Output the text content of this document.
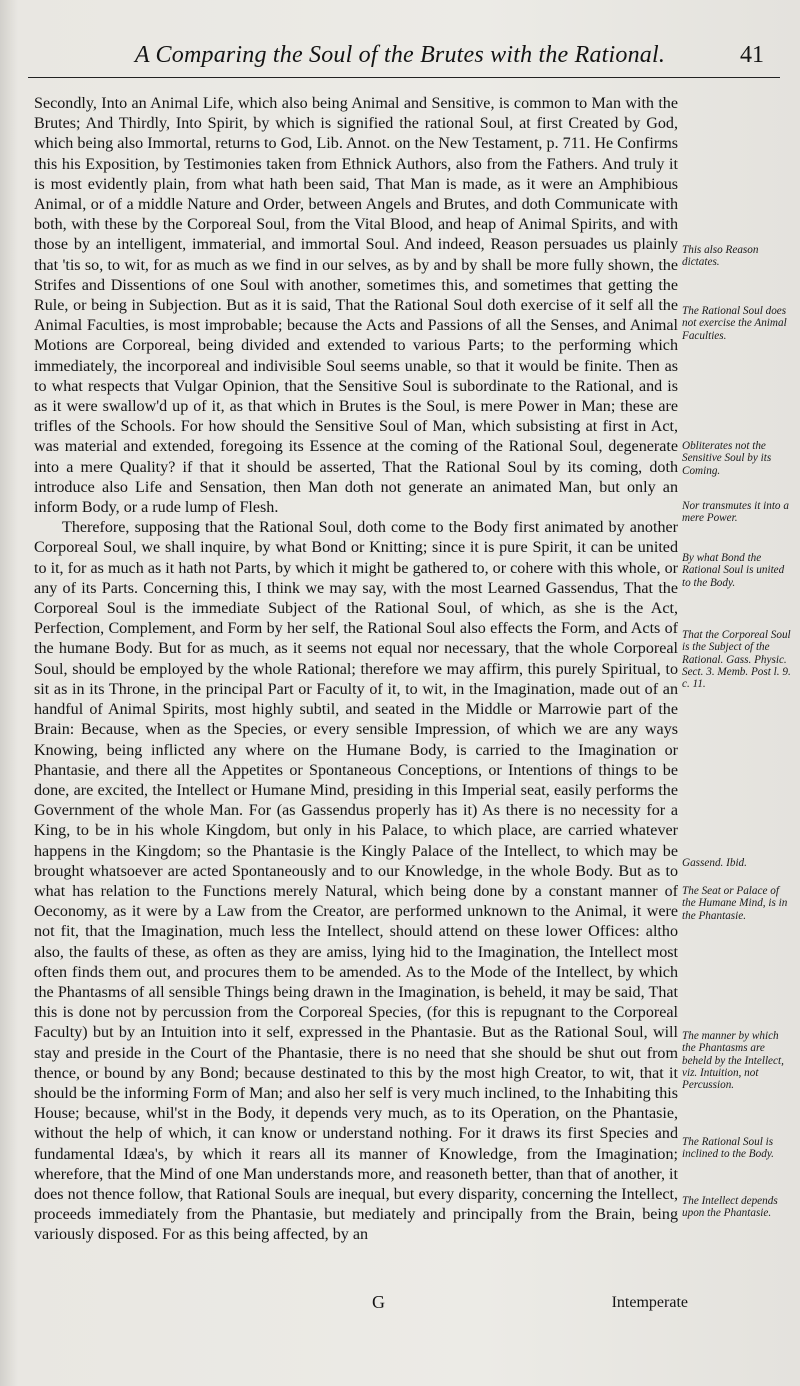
A Comparing the Soul of the Brutes with the Rational.	41

Secondly, Into an Animal Life, which also being Animal and Sensitive, is common to Man with the Brutes; And Thirdly, Into Spirit, by which is signified the rational Soul, at first Created by God, which being also Immortal, returns to God, Lib. Annot. on the New Testament, p. 711. He Confirms this his Exposition, by Testimonies taken from Ethnick Authors, also from the Fathers. And truly it is most evidently plain, from what hath been said, That Man is made, as it were an Amphibious Animal, or of a middle Nature and Order, between Angels and Brutes, and doth Communicate with both, with these by the Corporeal Soul, from the Vital Blood, and heap of Animal Spirits, and with those by an intelligent, immaterial, and immortal Soul. And indeed, Reason persuades us plainly that 'tis so, to wit, for as much as we find in our selves, as by and by shall be more fully shown, the Strifes and Dissentions of one Soul with another, sometimes this, and sometimes that getting the Rule, or being in Subjection. But as it is said, That the Rational Soul doth exercise of it self all the Animal Faculties, is most improbable; because the Acts and Passions of all the Senses, and Animal Motions are Corporeal, being divided and extended to various Parts; to the performing which immediately, the incorporeal and indivisible Soul seems unable, so that it would be finite. Then as to what respects that Vulgar Opinion, that the Sensitive Soul is subordinate to the Rational, and is as it were swallow'd up of it, as that which in Brutes is the Soul, is mere Power in Man; these are trifles of the Schools. For how should the Sensitive Soul of Man, which subsisting at first in Act, was material and extended, foregoing its Essence at the coming of the Rational Soul, degenerate into a mere Quality? if that it should be asserted, That the Rational Soul by its coming, doth introduce also Life and Sensation, then Man doth not generate an animated Man, but only an inform Body, or a rude lump of Flesh.

Therefore, supposing that the Rational Soul, doth come to the Body first animated by another Corporeal Soul, we shall inquire, by what Bond or Knitting; since it is pure Spirit, it can be united to it, for as much as it hath not Parts, by which it might be gathered to, or cohere with this whole, or any of its Parts. Concerning this, I think we may say, with the most Learned Gassendus, That the Corporeal Soul is the immediate Subject of the Rational Soul, of which, as she is the Act, Perfection, Complement, and Form by her self, the Rational Soul also effects the Form, and Acts of the humane Body. But for as much, as it seems not equal nor necessary, that the whole Corporeal Soul, should be employed by the whole Rational; therefore we may affirm, this purely Spiritual, to sit as in its Throne, in the principal Part or Faculty of it, to wit, in the Imagination, made out of an handful of Animal Spirits, most highly subtil, and seated in the Middle or Marrowie part of the Brain: Because, when as the Species, or every sensible Impression, of which we are any ways Knowing, being inflicted any where on the Humane Body, is carried to the Imagination or Phantasie, and there all the Appetites or Spontaneous Conceptions, or Intentions of things to be done, are excited, the Intellect or Humane Mind, presiding in this Imperial seat, easily performs the Government of the whole Man. For (as Gassendus properly has it) As there is no necessity for a King, to be in his whole Kingdom, but only in his Palace, to which place, are carried whatever happens in the Kingdom; so the Phantasie is the Kingly Palace of the Intellect, to which may be brought whatsoever are acted Spontaneously and to our Knowledge, in the whole Body. But as to what has relation to the Functions merely Natural, which being done by a constant manner of Oeconomy, as it were by a Law from the Creator, are performed unknown to the Animal, it were not fit, that the Imagination, much less the Intellect, should attend on these lower Offices: altho also, the faults of these, as often as they are amiss, lying hid to the Imagination, the Intellect most often finds them out, and procures them to be amended. As to the Mode of the Intellect, by which the Phantasms of all sensible Things being drawn in the Imagination, is beheld, it may be said, That this is done not by percussion from the Corporeal Species, (for this is repugnant to the Corporeal Faculty) but by an Intuition into it self, expressed in the Phantasie. But as the Rational Soul, will stay and preside in the Court of the Phantasie, there is no need that she should be shut out from thence, or bound by any Bond; because destinated to this by the most high Creator, to wit, that it should be the informing Form of Man; and also her self is very much inclined, to the Inhabiting this House; because, whil'st in the Body, it depends very much, as to its Operation, on the Phantasie, without the help of which, it can know or understand nothing. For it draws its first Species and fundamental Idæa's, by which it rears all its manner of Knowledge, from the Imagination; wherefore, that the Mind of one Man understands more, and reasoneth better, than that of another, it does not thence follow, that Rational Souls are inequal, but every disparity, concerning the Intellect, proceeds immediately from the Phantasie, but mediately and principally from the Brain, being variously disposed. For as this being affected, by an

This also Reason dictates.
The Rational Soul does not exercise the Animal Faculties.
Obliterates not the Sensitive Soul by its Coming.
Nor transmutes it into a mere Power.
By what Bond the Rational Soul is united to the Body.
That the Corporeal Soul is the Subject of the Rational. Gass. Physic. Sect. 3. Memb. Post l. 9. c. 11.
Gassend. Ibid.
The Seat or Palace of the Humane Mind, is in the Phantasie.
The manner by which the Phantasms are beheld by the Intellect, viz. Intuition, not Percussion.
The Rational Soul is inclined to the Body.
The Intellect depends upon the Phantasie.
G	Intemperate
